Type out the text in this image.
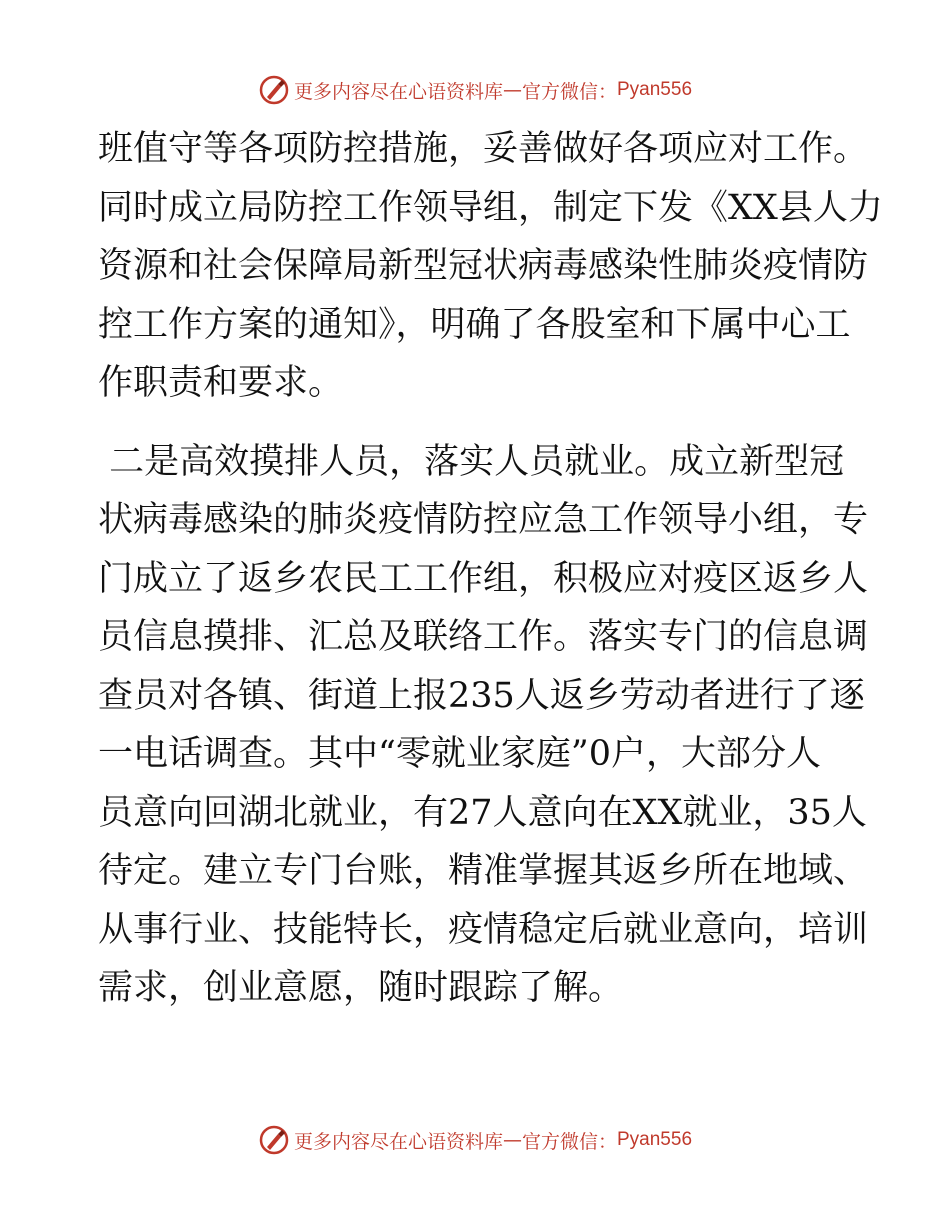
更多内容尽在心语资料库 — 官方微信： Pyan556
班值守等各项防控措施，妥善做好各项应对工作。
同时成立局防控工作领导组，制定下发《XX县人力
资源和社会保障局新型冠状病毒感染性肺炎疫情防
控工作方案的通知》，明确了各股室和下属中心工
作职责和要求。
二是高效摸排人员，落实人员就业。成立新型冠
状病毒感染的肺炎疫情防控应急工作领导小组，专
门成立了返乡农民工工作组，积极应对疫区返乡人
员信息摸排、汇总及联络工作。落实专门的信息调
查员对各镇、街道上报235人返乡劳动者进行了逐
一电话调查。其中“零就业家庭”0户，大部分人
员意向回湖北就业，有27人意向在XX就业，35人
待定。建立专门台账，精准掌握其返乡所在地域、
从事行业、技能特长，疫情稳定后就业意向，培训
需求，创业意愿，随时跟踪了解。
更多内容尽在心语资料库 — 官方微信： Pyan556
